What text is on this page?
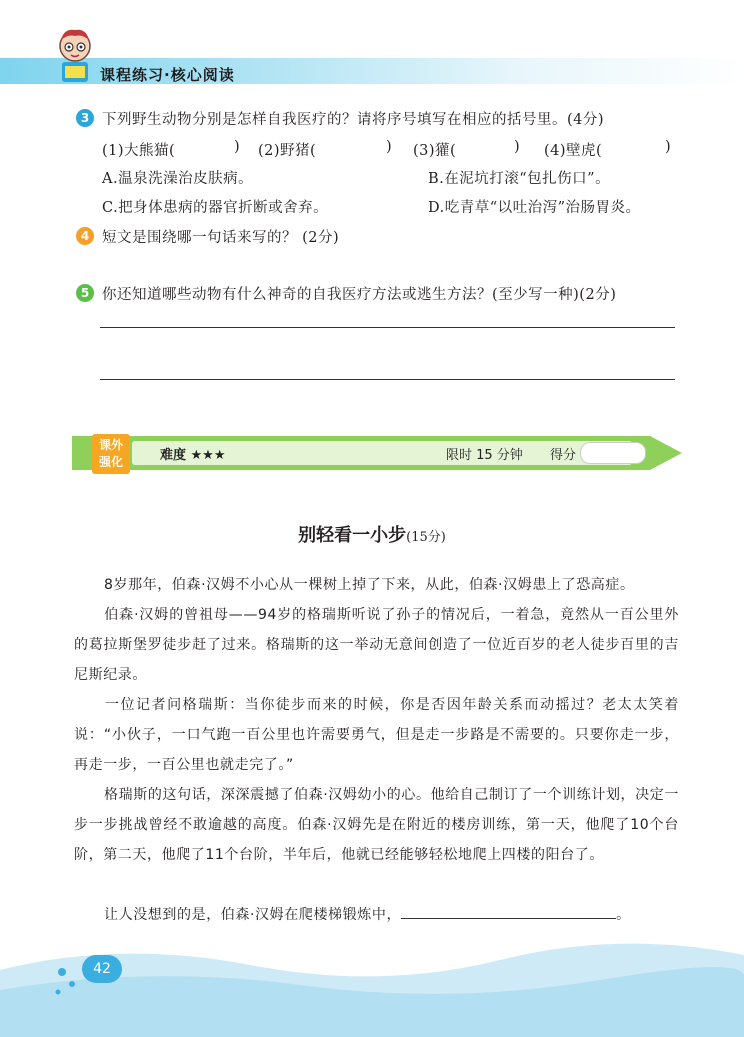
课程练习·核心阅读
3 下列野生动物分别是怎样自我医疗的？请将序号填写在相应的括号里。(4分)
(1)大熊猫(	) (2)野猪(	) (3)獾(	) (4)壁虎(	)
A.温泉洗澡治皮肤病。	B.在泥坑打滚“包扎伤口”。
C.把身体患病的器官折断或舍弃。	D.吃青草“以吐治泻”治肠胃炎。
4 短文是围绕哪一句话来写的？ (2分)
5 你还知道哪些动物有什么神奇的自我医疗方法或逃生方法？(至少写一种)(2分)
课外
强化	难度 ★★★	限时 15 分钟 得分
别轻看一小步(15分)
8岁那年，伯森·汉姆不小心从一棵树上掉了下来，从此，伯森·汉姆患上了恐高症。
伯森·汉姆的曾祖母——94岁的格瑞斯听说了孙子的情况后，一着急，竟然从一百公里外的葛拉斯堡罗徒步赶了过来。格瑞斯的这一举动无意间创造了一位近百岁的老人徒步百里的吉尼斯纪录。
一位记者问格瑞斯：当你徒步而来的时候，你是否因年龄关系而动摇过？老太太笑着说：“小伙子，一口气跑一百公里也许需要勇气，但是走一步路是不需要的。只要你走一步，再走一步，一百公里也就走完了。”
格瑞斯的这句话，深深震撼了伯森·汉姆幼小的心。他给自己制订了一个训练计划，决定一步一步挑战曾经不敢逾越的高度。伯森·汉姆先是在附近的楼房训练，第一天，他爬了10个台阶，第二天，他爬了11个台阶，半年后，他就已经能够轻松地爬上四楼的阳台了。
让人没想到的是，伯森·汉姆在爬楼梯锻炼中，	。
42
